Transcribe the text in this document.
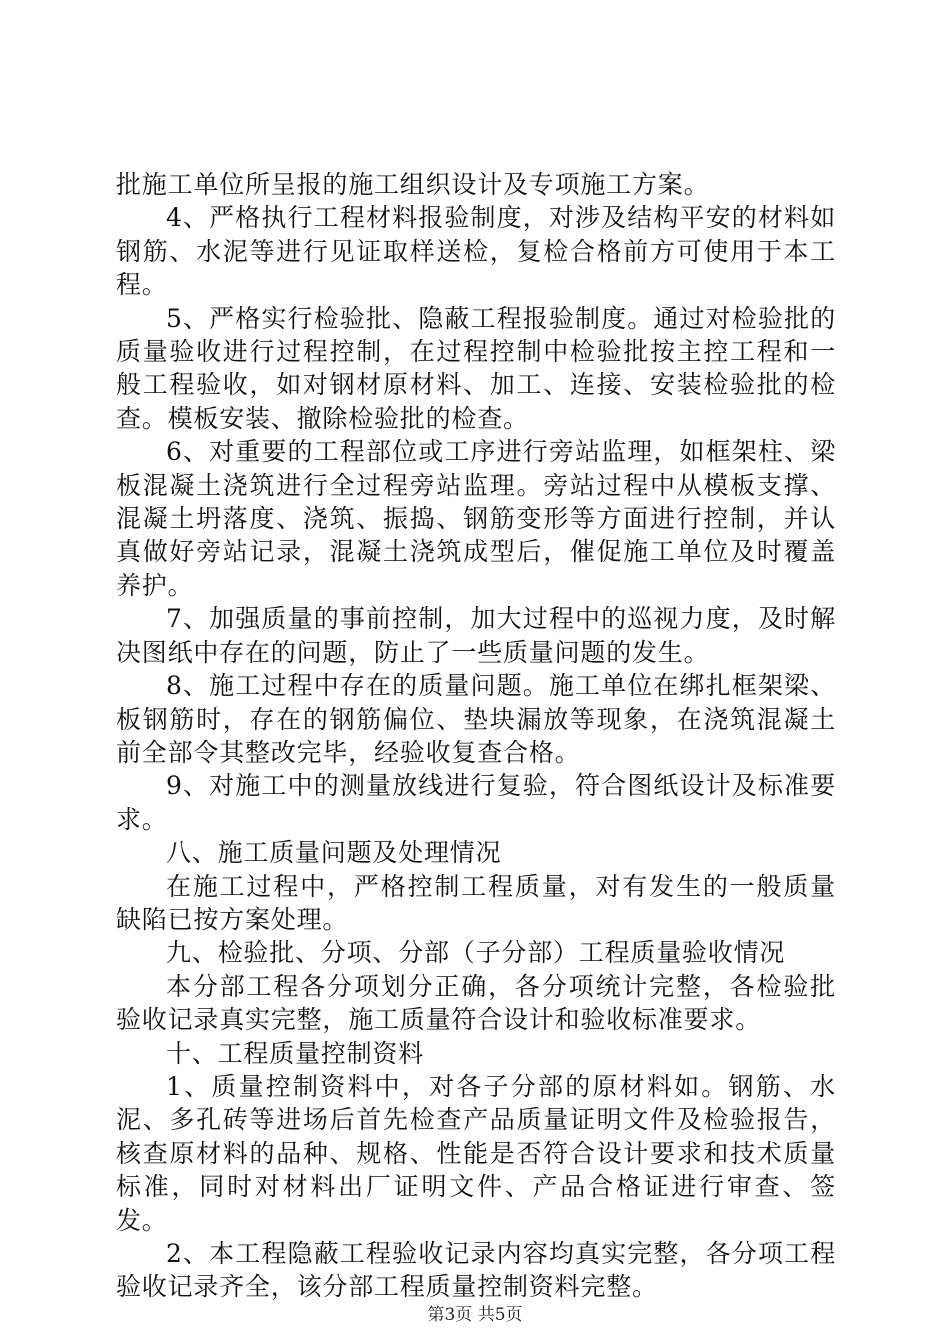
批施工单位所呈报的施工组织设计及专项施工方案。

4、严格执行工程材料报验制度，对涉及结构平安的材料如钢筋、水泥等进行见证取样送检，复检合格前方可使用于本工程。

5、严格实行检验批、隐蔽工程报验制度。通过对检验批的质量验收进行过程控制，在过程控制中检验批按主控工程和一般工程验收，如对钢材原材料、加工、连接、安装检验批的检查。模板安装、撤除检验批的检查。

6、对重要的工程部位或工序进行旁站监理，如框架柱、梁板混凝土浇筑进行全过程旁站监理。旁站过程中从模板支撑、混凝土坍落度、浇筑、振捣、钢筋变形等方面进行控制，并认真做好旁站记录，混凝土浇筑成型后，催促施工单位及时覆盖养护。

7、加强质量的事前控制，加大过程中的巡视力度，及时解决图纸中存在的问题，防止了一些质量问题的发生。

8、施工过程中存在的质量问题。施工单位在绑扎框架梁、板钢筋时，存在的钢筋偏位、垫块漏放等现象，在浇筑混凝土前全部令其整改完毕，经验收复查合格。

9、对施工中的测量放线进行复验，符合图纸设计及标准要求。

八、施工质量问题及处理情况

在施工过程中，严格控制工程质量，对有发生的一般质量缺陷已按方案处理。

九、检验批、分项、分部（子分部）工程质量验收情况

本分部工程各分项划分正确，各分项统计完整，各检验批验收记录真实完整，施工质量符合设计和验收标准要求。

十、工程质量控制资料

1、质量控制资料中，对各子分部的原材料如。钢筋、水泥、多孔砖等进场后首先检查产品质量证明文件及检验报告，核查原材料的品种、规格、性能是否符合设计要求和技术质量标准，同时对材料出厂证明文件、产品合格证进行审查、签发。

2、本工程隐蔽工程验收记录内容均真实完整，各分项工程验收记录齐全，该分部工程质量控制资料完整。

第3页 共5页
